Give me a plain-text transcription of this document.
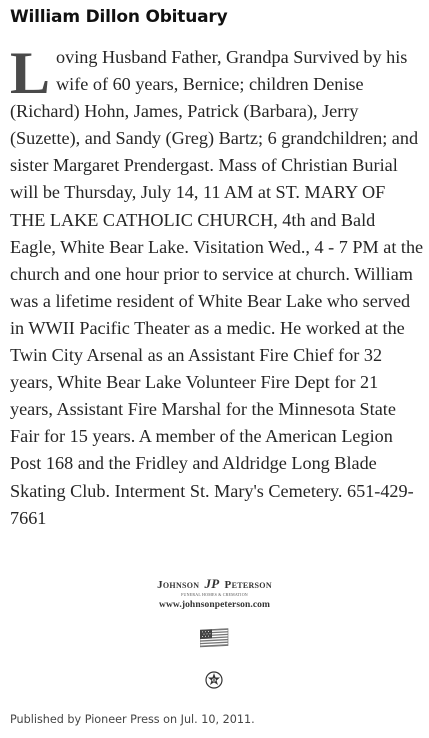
William Dillon Obituary

Loving Husband Father, Grandpa Survived by his wife of 60 years, Bernice; children Denise (Richard) Hohn, James, Patrick (Barbara), Jerry (Suzette), and Sandy (Greg) Bartz; 6 grandchildren; and sister Margaret Prendergast. Mass of Christian Burial will be Thursday, July 14, 11 AM at ST. MARY OF THE LAKE CATHOLIC CHURCH, 4th and Bald Eagle, White Bear Lake. Visitation Wed., 4 - 7 PM at the church and one hour prior to service at church. William was a lifetime resident of White Bear Lake who served in WWII Pacific Theater as a medic. He worked at the Twin City Arsenal as an Assistant Fire Chief for 32 years, White Bear Lake Volunteer Fire Dept for 21 years, Assistant Fire Marshal for the Minnesota State Fair for 15 years. A member of the American Legion Post 168 and the Fridley and Aldridge Long Blade Skating Club. Interment St. Mary's Cemetery. 651-429-7661

Johnson JP Peterson
FUNERAL HOMES & CREMATION
www.johnsonpeterson.com

Published by Pioneer Press on Jul. 10, 2011.
